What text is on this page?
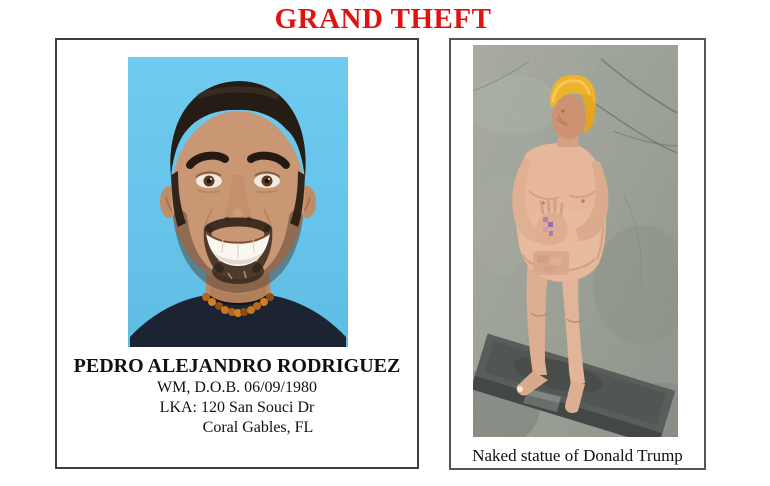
GRAND THEFT
PEDRO ALEJANDRO RODRIGUEZ
WM, D.O.B. 06/09/1980
LKA: 120 San Souci Dr
Coral Gables, FL
Naked statue of Donald Trump
